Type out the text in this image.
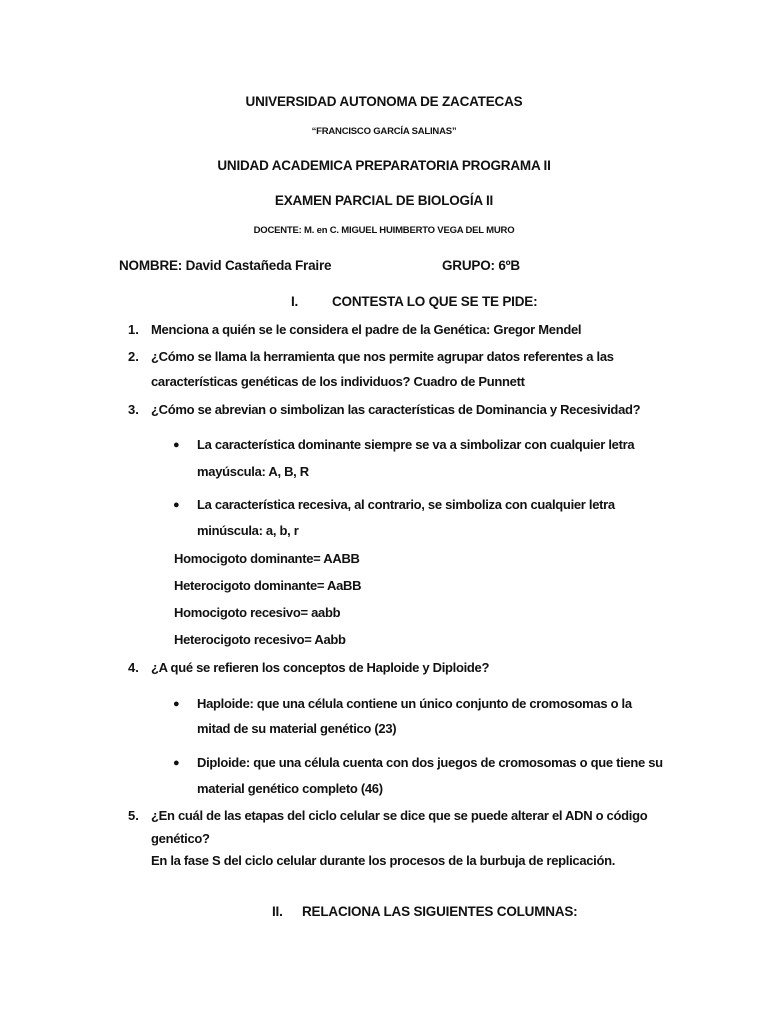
UNIVERSIDAD AUTONOMA DE ZACATECAS
“FRANCISCO GARCÍA SALINAS”
UNIDAD ACADEMICA PREPARATORIA PROGRAMA II
EXAMEN PARCIAL DE BIOLOGÍA II
DOCENTE: M. en C. MIGUEL HUIMBERTO VEGA DEL MURO
NOMBRE: David Castañeda Fraire	GRUPO: 6ºB
I.	CONTESTA LO QUE SE TE PIDE:
1. Menciona a quién se le considera el padre de la Genética: Gregor Mendel
2. ¿Cómo se llama la herramienta que nos permite agrupar datos referentes a las
características genéticas de los individuos? Cuadro de Punnett
3. ¿Cómo se abrevian o simbolizan las características de Dominancia y Recesividad?
● La característica dominante siempre se va a simbolizar con cualquier letra
mayúscula: A, B, R
● La característica recesiva, al contrario, se simboliza con cualquier letra
minúscula: a, b, r
Homocigoto dominante= AABB
Heterocigoto dominante= AaBB
Homocigoto recesivo= aabb
Heterocigoto recesivo= Aabb
4. ¿A qué se refieren los conceptos de Haploide y Diploide?
● Haploide: que una célula contiene un único conjunto de cromosomas o la
mitad de su material genético (23)
● Diploide: que una célula cuenta con dos juegos de cromosomas o que tiene su
material genético completo (46)
5. ¿En cuál de las etapas del ciclo celular se dice que se puede alterar el ADN o código
genético?
En la fase S del ciclo celular durante los procesos de la burbuja de replicación.
II. RELACIONA LAS SIGUIENTES COLUMNAS:
